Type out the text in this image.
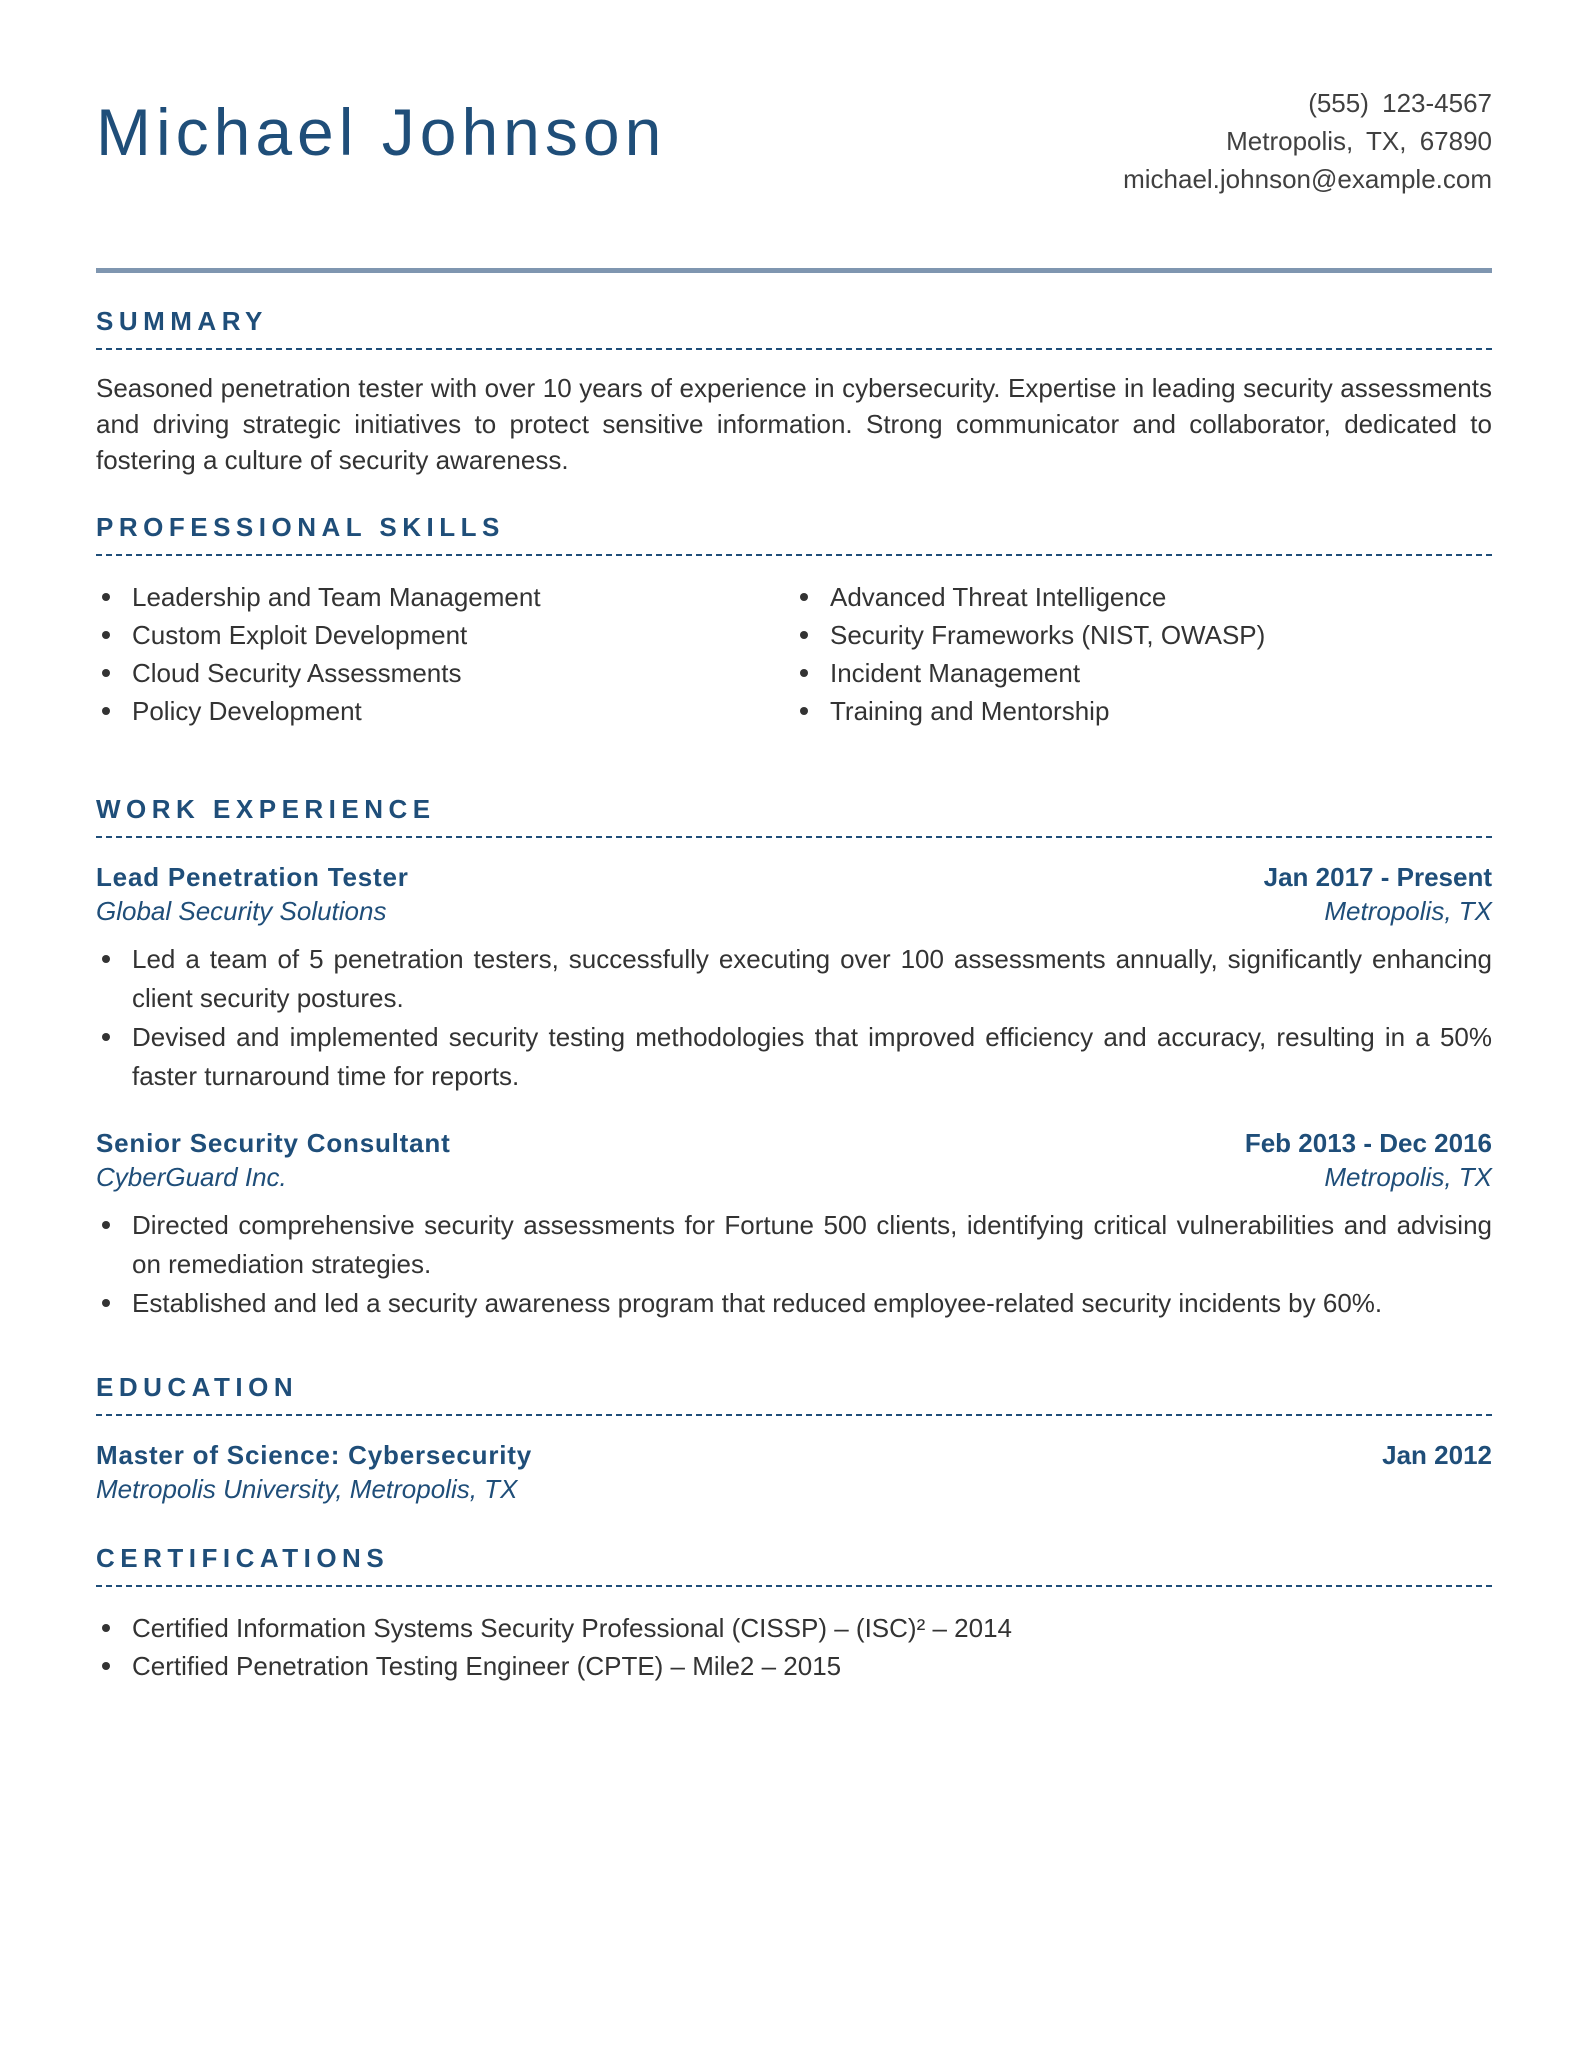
Michael Johnson	(555) 123-4567
Metropolis, TX, 67890
michael.johnson@example.com
SUMMARY
Seasoned penetration tester with over 10 years of experience in cybersecurity. Expertise in leading security assessments and driving strategic initiatives to protect sensitive information. Strong communicator and collaborator, dedicated to fostering a culture of security awareness.
PROFESSIONAL SKILLS
Leadership and Team Management
Custom Exploit Development
Cloud Security Assessments
Policy Development
Advanced Threat Intelligence
Security Frameworks (NIST, OWASP)
Incident Management
Training and Mentorship
WORK EXPERIENCE
Lead Penetration Tester	Jan 2017 - Present
Global Security Solutions	Metropolis, TX
Led a team of 5 penetration testers, successfully executing over 100 assessments annually, significantly enhancing client security postures.
Devised and implemented security testing methodologies that improved efficiency and accuracy, resulting in a 50% faster turnaround time for reports.
Senior Security Consultant	Feb 2013 - Dec 2016
CyberGuard Inc.	Metropolis, TX
Directed comprehensive security assessments for Fortune 500 clients, identifying critical vulnerabilities and advising on remediation strategies.
Established and led a security awareness program that reduced employee-related security incidents by 60%.
EDUCATION
Master of Science: Cybersecurity	Jan 2012
Metropolis University, Metropolis, TX
CERTIFICATIONS
Certified Information Systems Security Professional (CISSP) – (ISC)² – 2014
Certified Penetration Testing Engineer (CPTE) – Mile2 – 2015
